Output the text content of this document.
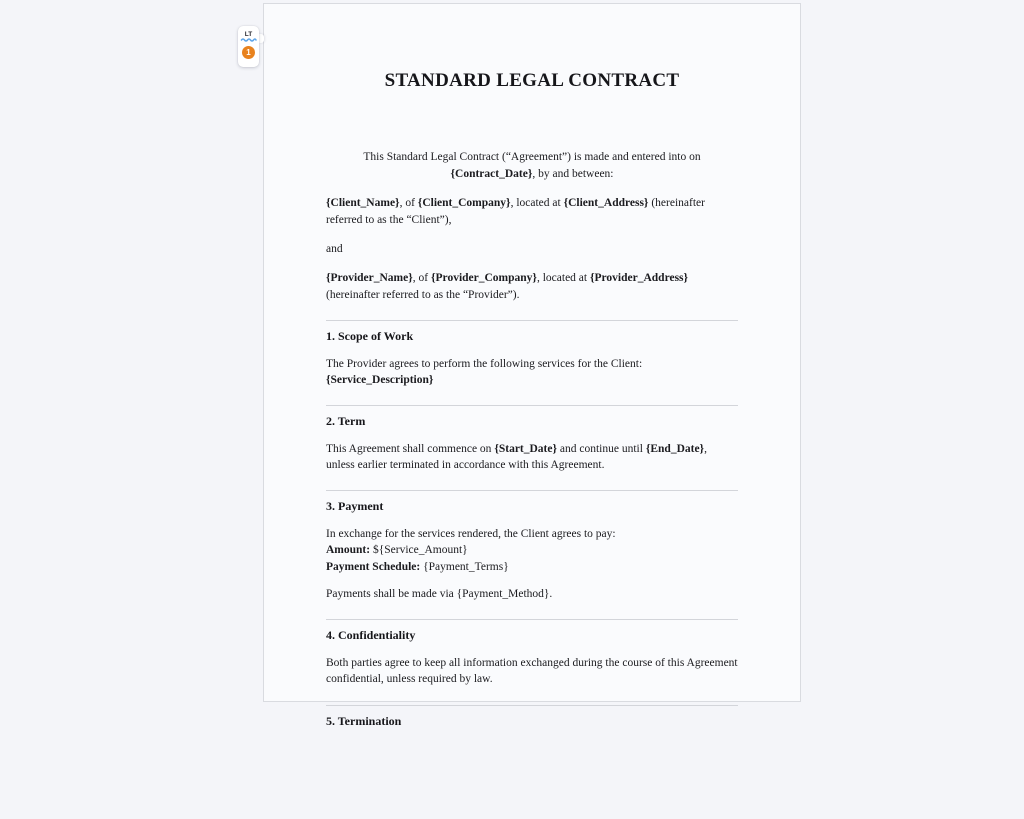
LT
1
STANDARD LEGAL CONTRACT

This Standard Legal Contract (“Agreement”) is made and entered into on {Contract_Date}, by and between:

{Client_Name}, of {Client_Company}, located at {Client_Address} (hereinafter referred to as the “Client”),

and

{Provider_Name}, of {Provider_Company}, located at {Provider_Address} (hereinafter referred to as the “Provider”).

1. Scope of Work

The Provider agrees to perform the following services for the Client:
{Service_Description}

2. Term

This Agreement shall commence on {Start_Date} and continue until {End_Date}, unless earlier terminated in accordance with this Agreement.

3. Payment

In exchange for the services rendered, the Client agrees to pay:
Amount: ${Service_Amount}
Payment Schedule: {Payment_Terms}
Payments shall be made via {Payment_Method}.

4. Confidentiality

Both parties agree to keep all information exchanged during the course of this Agreement confidential, unless required by law.

5. Termination
